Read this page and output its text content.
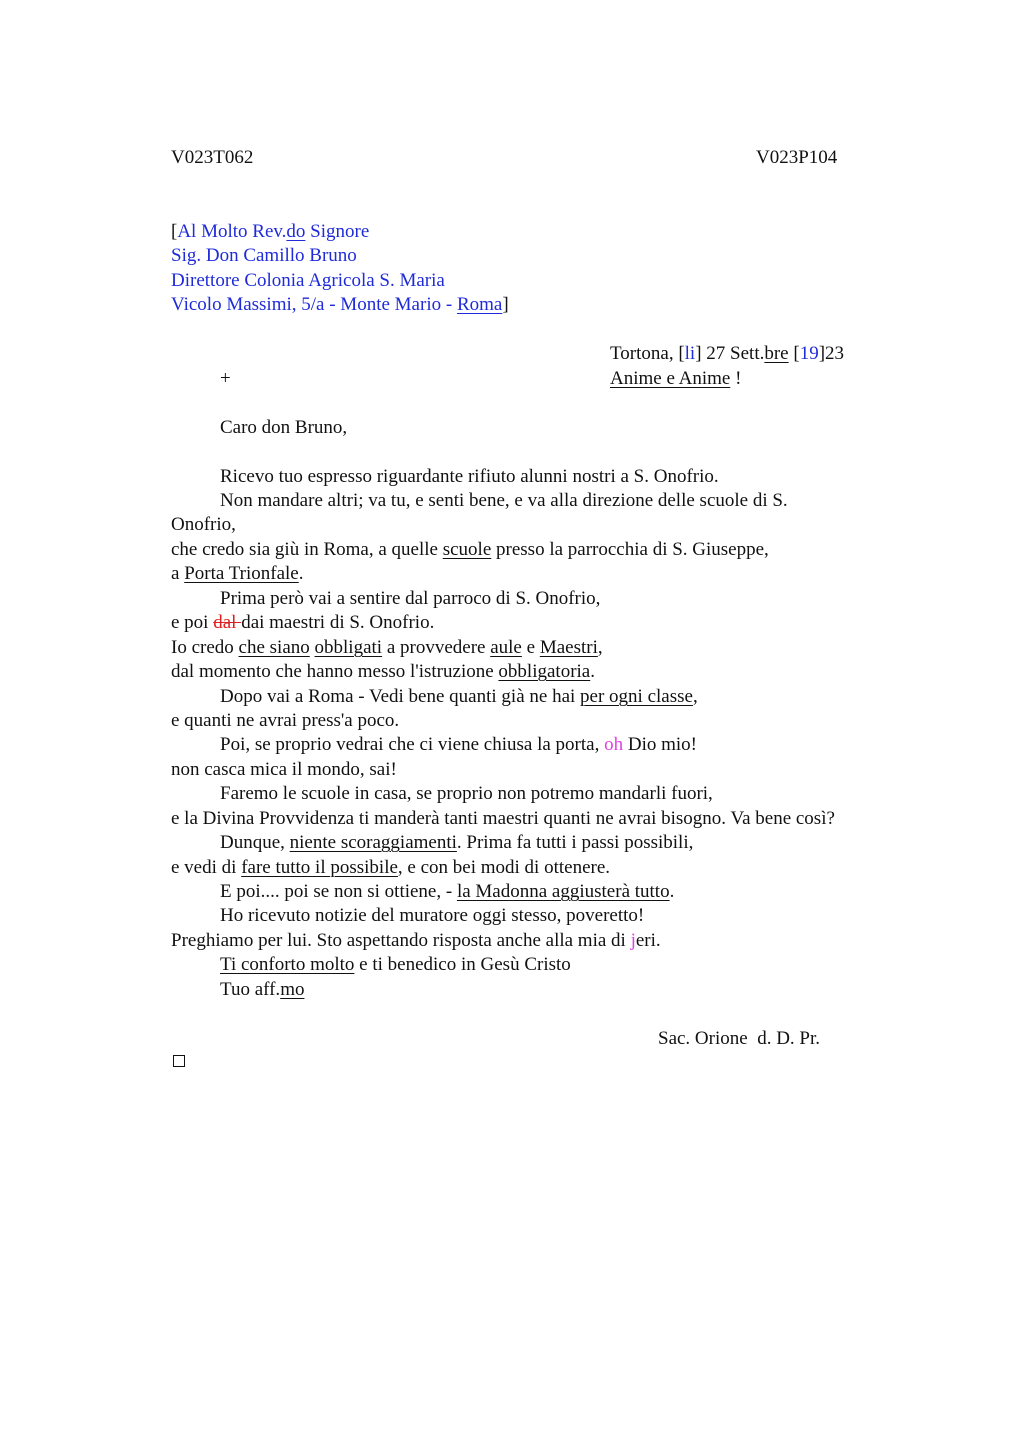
V023T062	V023P104
[Al Molto Rev.do Signore
Sig. Don Camillo Bruno
Direttore Colonia Agricola S. Maria
Vicolo Massimi, 5/a - Monte Mario - Roma]
Tortona, [li] 27 Sett.bre [19]23
+	Anime e Anime !
Caro don Bruno,
Ricevo tuo espresso riguardante rifiuto alunni nostri a S. Onofrio.
Non mandare altri; va tu, e senti bene, e va alla direzione delle scuole di S.
Onofrio,
che credo sia giù in Roma, a quelle scuole presso la parrocchia di S. Giuseppe,
a Porta Trionfale.
Prima però vai a sentire dal parroco di S. Onofrio,
e poi dal dai maestri di S. Onofrio.
Io credo che siano obbligati a provvedere aule e Maestri,
dal momento che hanno messo l'istruzione obbligatoria.
Dopo vai a Roma - Vedi bene quanti già ne hai per ogni classe,
e quanti ne avrai press'a poco.
Poi, se proprio vedrai che ci viene chiusa la porta, oh Dio mio!
non casca mica il mondo, sai!
Faremo le scuole in casa, se proprio non potremo mandarli fuori,
e la Divina Provvidenza ti manderà tanti maestri quanti ne avrai bisogno. Va bene così?
Dunque, niente scoraggiamenti. Prima fa tutti i passi possibili,
e vedi di fare tutto il possibile, e con bei modi di ottenere.
E poi.... poi se non si ottiene, - la Madonna aggiusterà tutto.
Ho ricevuto notizie del muratore oggi stesso, poveretto!
Preghiamo per lui. Sto aspettando risposta anche alla mia di jeri.
Ti conforto molto e ti benedico in Gesù Cristo
Tuo aff.mo
Sac. Orione  d. D. Pr.
